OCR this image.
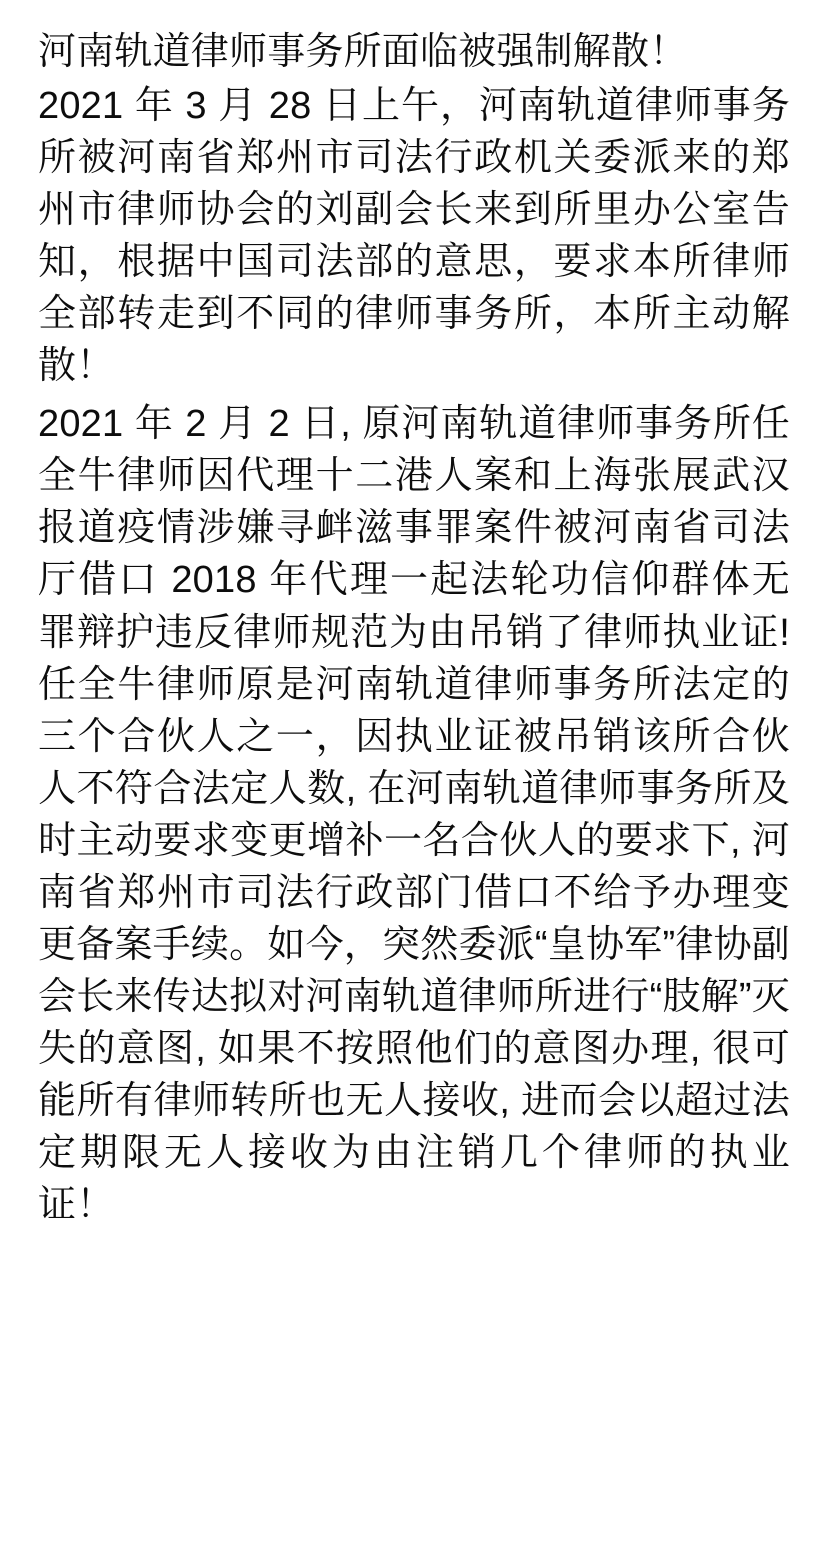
河南轨道律师事务所面临被强制解散！

2021 年 3 月 28 日上午，河南轨道律师事务所被河南省郑州市司法行政机关委派来的郑州市律师协会的刘副会长来到所里办公室告知，根据中国司法部的意思，要求本所律师全部转走到不同的律师事务所，本所主动解散！

2021 年 2 月 2 日, 原河南轨道律师事务所任全牛律师因代理十二港人案和上海张展武汉报道疫情涉嫌寻衅滋事罪案件被河南省司法厅借口 2018 年代理一起法轮功信仰群体无罪辩护违反律师规范为由吊销了律师执业证!任全牛律师原是河南轨道律师事务所法定的三个合伙人之一，因执业证被吊销该所合伙人不符合法定人数, 在河南轨道律师事务所及时主动要求变更增补一名合伙人的要求下, 河南省郑州市司法行政部门借口不给予办理变更备案手续。如今，突然委派“皇协军”律协副会长来传达拟对河南轨道律师所进行“肢解”灭失的意图, 如果不按照他们的意图办理, 很可能所有律师转所也无人接收, 进而会以超过法定期限无人接收为由注销几个律师的执业证！
